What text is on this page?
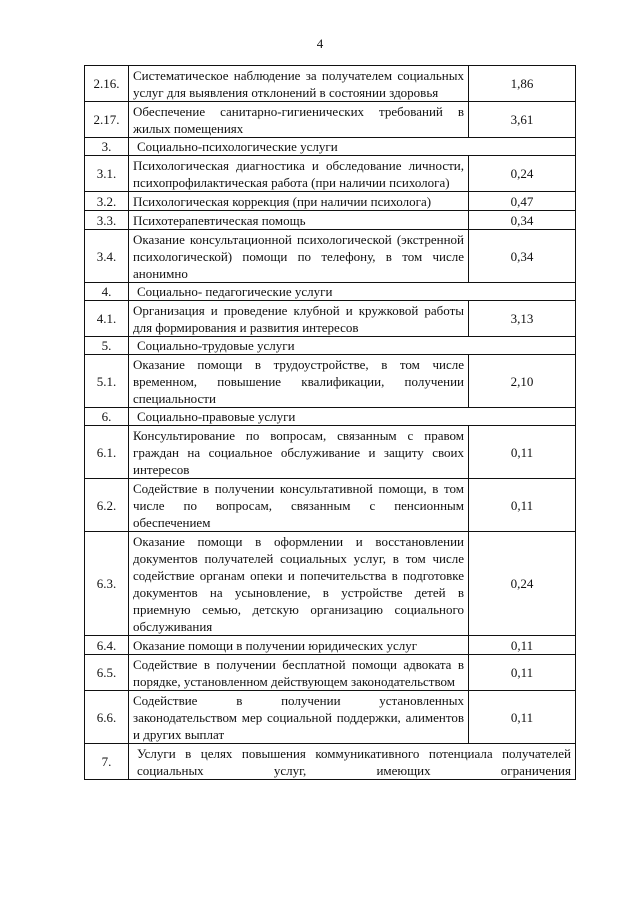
4
2.16.	Систематическое наблюдение за получателем социальных услуг для выявления отклонений в состоянии здоровья	1,86
2.17.	Обеспечение санитарно-гигиенических требований в жилых помещениях	3,61
3.	Социально-психологические услуги	
3.1.	Психологическая диагностика и обследование личности, психопрофилактическая работа (при наличии психолога)	0,24
3.2.	Психологическая коррекция (при наличии психолога)	0,47
3.3.	Психотерапевтическая помощь	0,34
3.4.	Оказание консультационной психологической (экстренной психологической) помощи по телефону, в том числе анонимно	0,34
4.	Социально- педагогические услуги	
4.1.	Организация и проведение клубной и кружковой работы для формирования и развития интересов	3,13
5.	Социально-трудовые услуги	
5.1.	Оказание помощи в трудоустройстве, в том числе временном, повышение квалификации, получении специальности	2,10
6.	Социально-правовые услуги	
6.1.	Консультирование по вопросам, связанным с правом граждан на социальное обслуживание и защиту своих интересов	0,11
6.2.	Содействие в получении консультативной помощи, в том числе по вопросам, связанным с пенсионным обеспечением	0,11
6.3.	Оказание помощи в оформлении и восстановлении документов получателей социальных услуг, в том числе содействие органам опеки и попечительства в подготовке документов на усыновление, в устройстве детей в приемную семью, детскую организацию социального обслуживания	0,24
6.4.	Оказание помощи в получении юридических услуг	0,11
6.5.	Содействие в получении бесплатной помощи адвоката в порядке, установленном действующем законодательством	0,11
6.6.	Содействие в получении установленных законодательством мер социальной поддержки, алиментов и других выплат	0,11
7.	Услуги в целях повышения коммуникативного потенциала получателей социальных услуг, имеющих ограничения	
